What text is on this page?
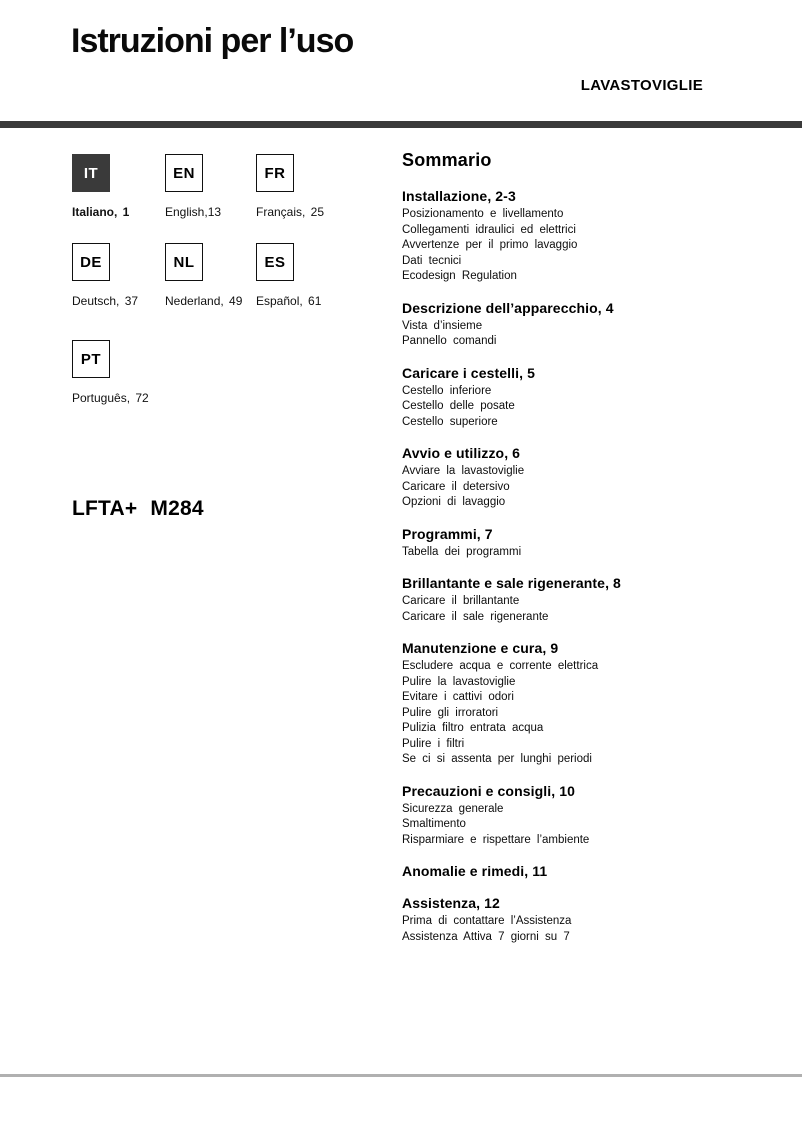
Istruzioni per l’uso
LAVASTOVIGLIE
IT
Italiano, 1
EN
English,13
FR
Français, 25
DE
Deutsch, 37
NL
Nederland, 49
ES
Español, 61
PT
Português, 72
LFTA+ M284
Sommario
Installazione, 2-3
Posizionamento e livellamento
Collegamenti idraulici ed elettrici
Avvertenze per il primo lavaggio
Dati tecnici
Ecodesign Regulation
Descrizione dell’apparecchio, 4
Vista d’insieme
Pannello comandi
Caricare i cestelli, 5
Cestello inferiore
Cestello delle posate
Cestello superiore
Avvio e utilizzo, 6
Avviare la lavastoviglie
Caricare il detersivo
Opzioni di lavaggio
Programmi, 7
Tabella dei programmi
Brillantante e sale rigenerante, 8
Caricare il brillantante
Caricare il sale rigenerante
Manutenzione e cura, 9
Escludere acqua e corrente elettrica
Pulire la lavastoviglie
Evitare i cattivi odori
Pulire gli irroratori
Pulizia filtro entrata acqua
Pulire i filtri
Se ci si assenta per lunghi periodi
Precauzioni e consigli, 10
Sicurezza generale
Smaltimento
Risparmiare e rispettare l’ambiente
Anomalie e rimedi, 11
Assistenza, 12
Prima di contattare l’Assistenza
Assistenza Attiva 7 giorni su 7
